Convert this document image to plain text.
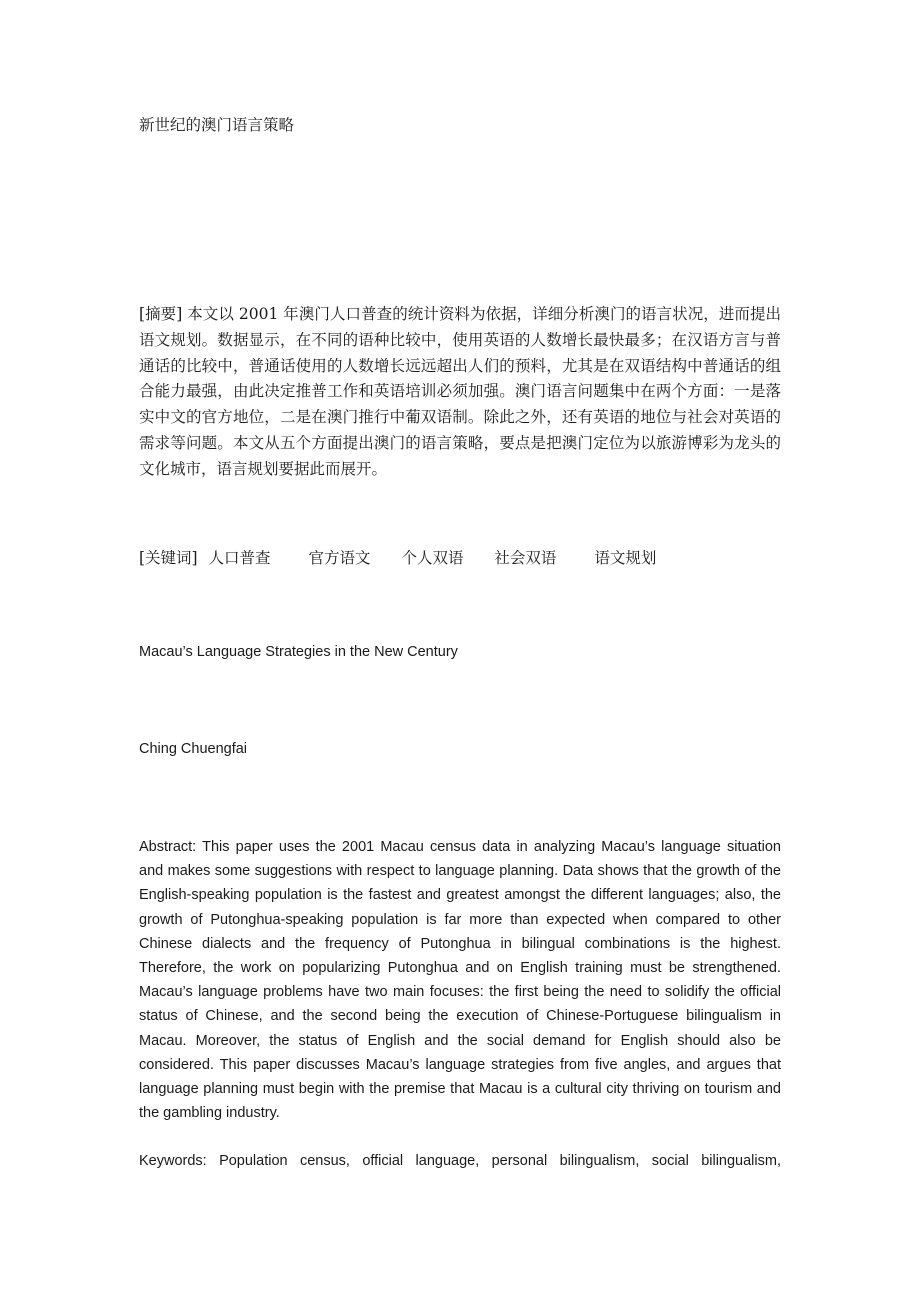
新世纪的澳门语言策略

[摘要] 本文以 2001 年澳门人口普查的统计资料为依据，详细分析澳门的语言状况，进而提出语文规划。数据显示，在不同的语种比较中，使用英语的人数增长最快最多；在汉语方言与普通话的比较中，普通话使用的人数增长远远超出人们的预料，尤其是在双语结构中普通话的组合能力最强，由此决定推普工作和英语培训必须加强。澳门语言问题集中在两个方面：一是落实中文的官方地位，二是在澳门推行中葡双语制。除此之外，还有英语的地位与社会对英语的需求等问题。本文从五个方面提出澳门的语言策略，要点是把澳门定位为以旅游博彩为龙头的文化城市，语言规划要据此而展开。

[关键词] 人口普查 官方语文 个人双语 社会双语 语文规划
Macau’s Language Strategies in the New Century
Ching Chuengfai

Abstract: This paper uses the 2001 Macau census data in analyzing Macau’s language situation and makes some suggestions with respect to language planning. Data shows that the growth of the English-speaking population is the fastest and greatest amongst the different languages; also, the growth of Putonghua-speaking population is far more than expected when compared to other Chinese dialects and the frequency of Putonghua in bilingual combinations is the highest. Therefore, the work on popularizing Putonghua and on English training must be strengthened. Macau’s language problems have two main focuses: the first being the need to solidify the official status of Chinese, and the second being the execution of Chinese-Portuguese bilingualism in Macau. Moreover, the status of English and the social demand for English should also be considered. This paper discusses Macau’s language strategies from five angles, and argues that language planning must begin with the premise that Macau is a cultural city thriving on tourism and the gambling industry.

Keywords: Population census, official language, personal bilingualism, social bilingualism,
